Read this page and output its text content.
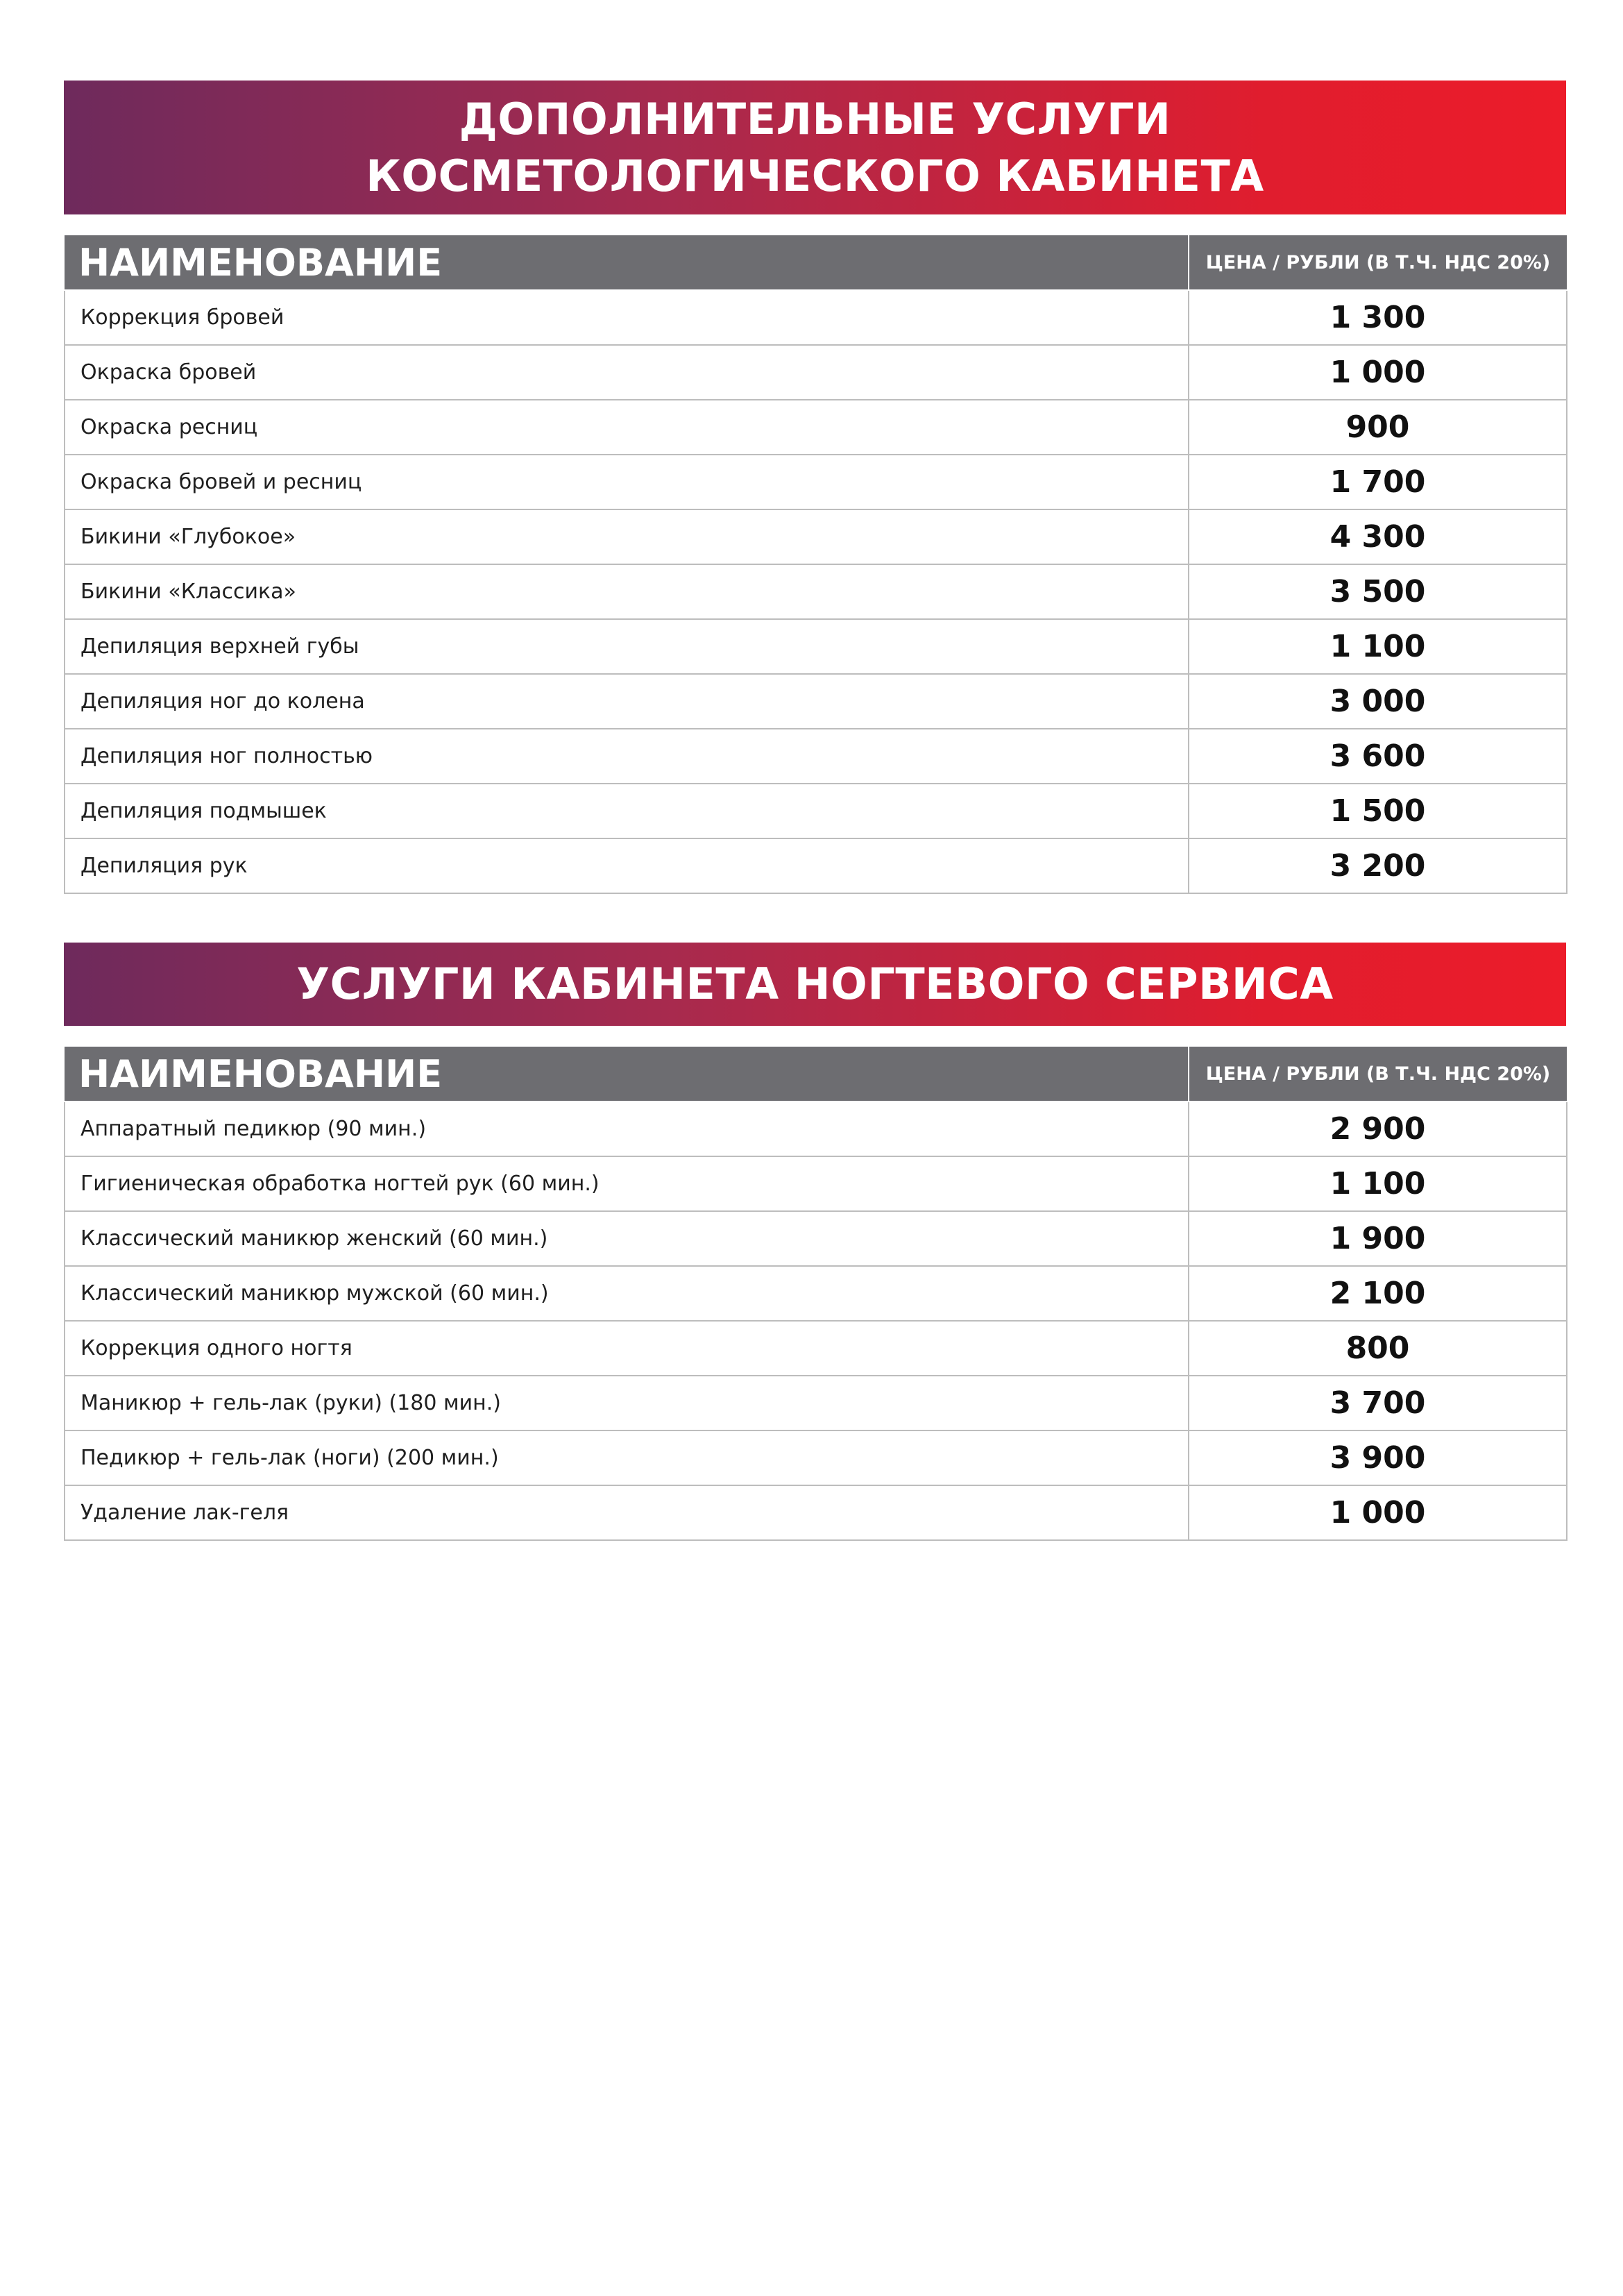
ДОПОЛНИТЕЛЬНЫЕ УСЛУГИ
КОСМЕТОЛОГИЧЕСКОГО КАБИНЕТА
НАИМЕНОВАНИЕ	ЦЕНА / РУБЛИ (В Т.Ч. НДС 20%)
Коррекция бровей	1 300
Окраска бровей	1 000
Окраска ресниц	900
Окраска бровей и ресниц	1 700
Бикини «Глубокое»	4 300
Бикини «Классика»	3 500
Депиляция верхней губы	1 100
Депиляция ног до колена	3 000
Депиляция ног полностью	3 600
Депиляция подмышек	1 500
Депиляция рук	3 200
УСЛУГИ КАБИНЕТА НОГТЕВОГО СЕРВИСА
НАИМЕНОВАНИЕ	ЦЕНА / РУБЛИ (В Т.Ч. НДС 20%)
Аппаратный педикюр (90 мин.)	2 900
Гигиеническая обработка ногтей рук (60 мин.)	1 100
Классический маникюр женский (60 мин.)	1 900
Классический маникюр мужской (60 мин.)	2 100
Коррекция одного ногтя	800
Маникюр + гель-лак (руки) (180 мин.)	3 700
Педикюр + гель-лак (ноги) (200 мин.)	3 900
Удаление лак-геля	1 000
